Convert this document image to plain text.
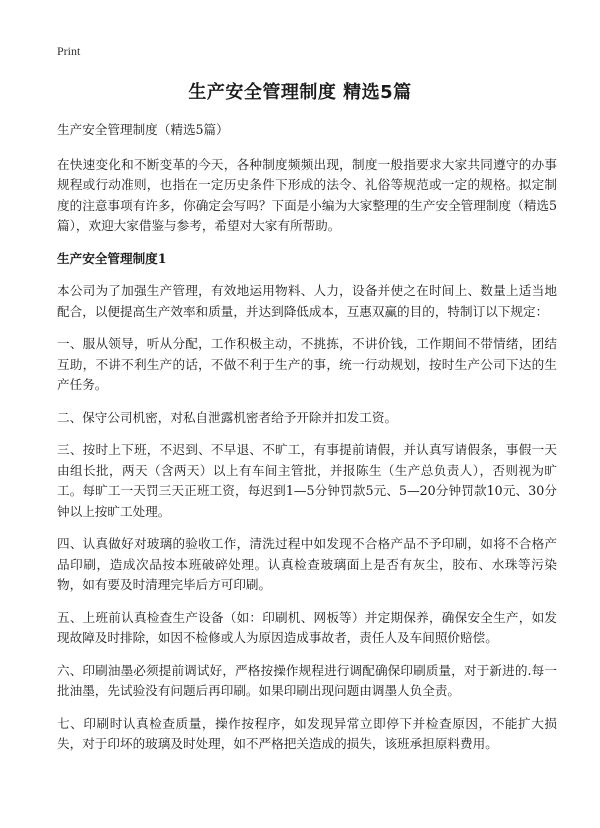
Print
生产安全管理制度 精选5篇

生产安全管理制度（精选5篇）

在快速变化和不断变革的今天，各种制度频频出现，制度一般指要求大家共同遵守的办事规程或行动准则，也指在一定历史条件下形成的法令、礼俗等规范或一定的规格。拟定制度的注意事项有许多，你确定会写吗？下面是小编为大家整理的生产安全管理制度（精选5篇），欢迎大家借鉴与参考，希望对大家有所帮助。

生产安全管理制度1

本公司为了加强生产管理，有效地运用物料、人力，设备并使之在时间上、数量上适当地配合，以便提高生产效率和质量，并达到降低成本，互惠双赢的目的，特制订以下规定：

一、服从领导，听从分配，工作积极主动，不挑拣，不讲价钱，工作期间不带情绪，团结互助，不讲不利生产的话，不做不利于生产的事，统一行动规划，按时生产公司下达的生产任务。

二、保守公司机密，对私自泄露机密者给予开除并扣发工资。

三、按时上下班，不迟到、不早退、不旷工，有事提前请假，并认真写请假条，事假一天由组长批，两天（含两天）以上有车间主管批，并报陈生（生产总负责人），否则视为旷工。每旷工一天罚三天正班工资，每迟到1—5分钟罚款5元、5—20分钟罚款10元、30分钟以上按旷工处理。

四、认真做好对玻璃的验收工作，清洗过程中如发现不合格产品不予印刷，如将不合格产品印刷，造成次品按本班破碎处理。认真检查玻璃面上是否有灰尘，胶布、水珠等污染物，如有要及时清理完毕后方可印刷。

五、上班前认真检查生产设备（如：印刷机、网板等）并定期保养，确保安全生产，如发现故障及时排除，如因不检修或人为原因造成事故者，责任人及车间照价赔偿。

六、印刷油墨必须提前调试好，严格按操作规程进行调配确保印刷质量，对于新进的.每一批油墨，先试验没有问题后再印刷。如果印刷出现问题由调墨人负全责。

七、印刷时认真检查质量，操作按程序，如发现异常立即停下并检查原因，不能扩大损失，对于印坏的玻璃及时处理，如不严格把关造成的损失，该班承担原料费用。
